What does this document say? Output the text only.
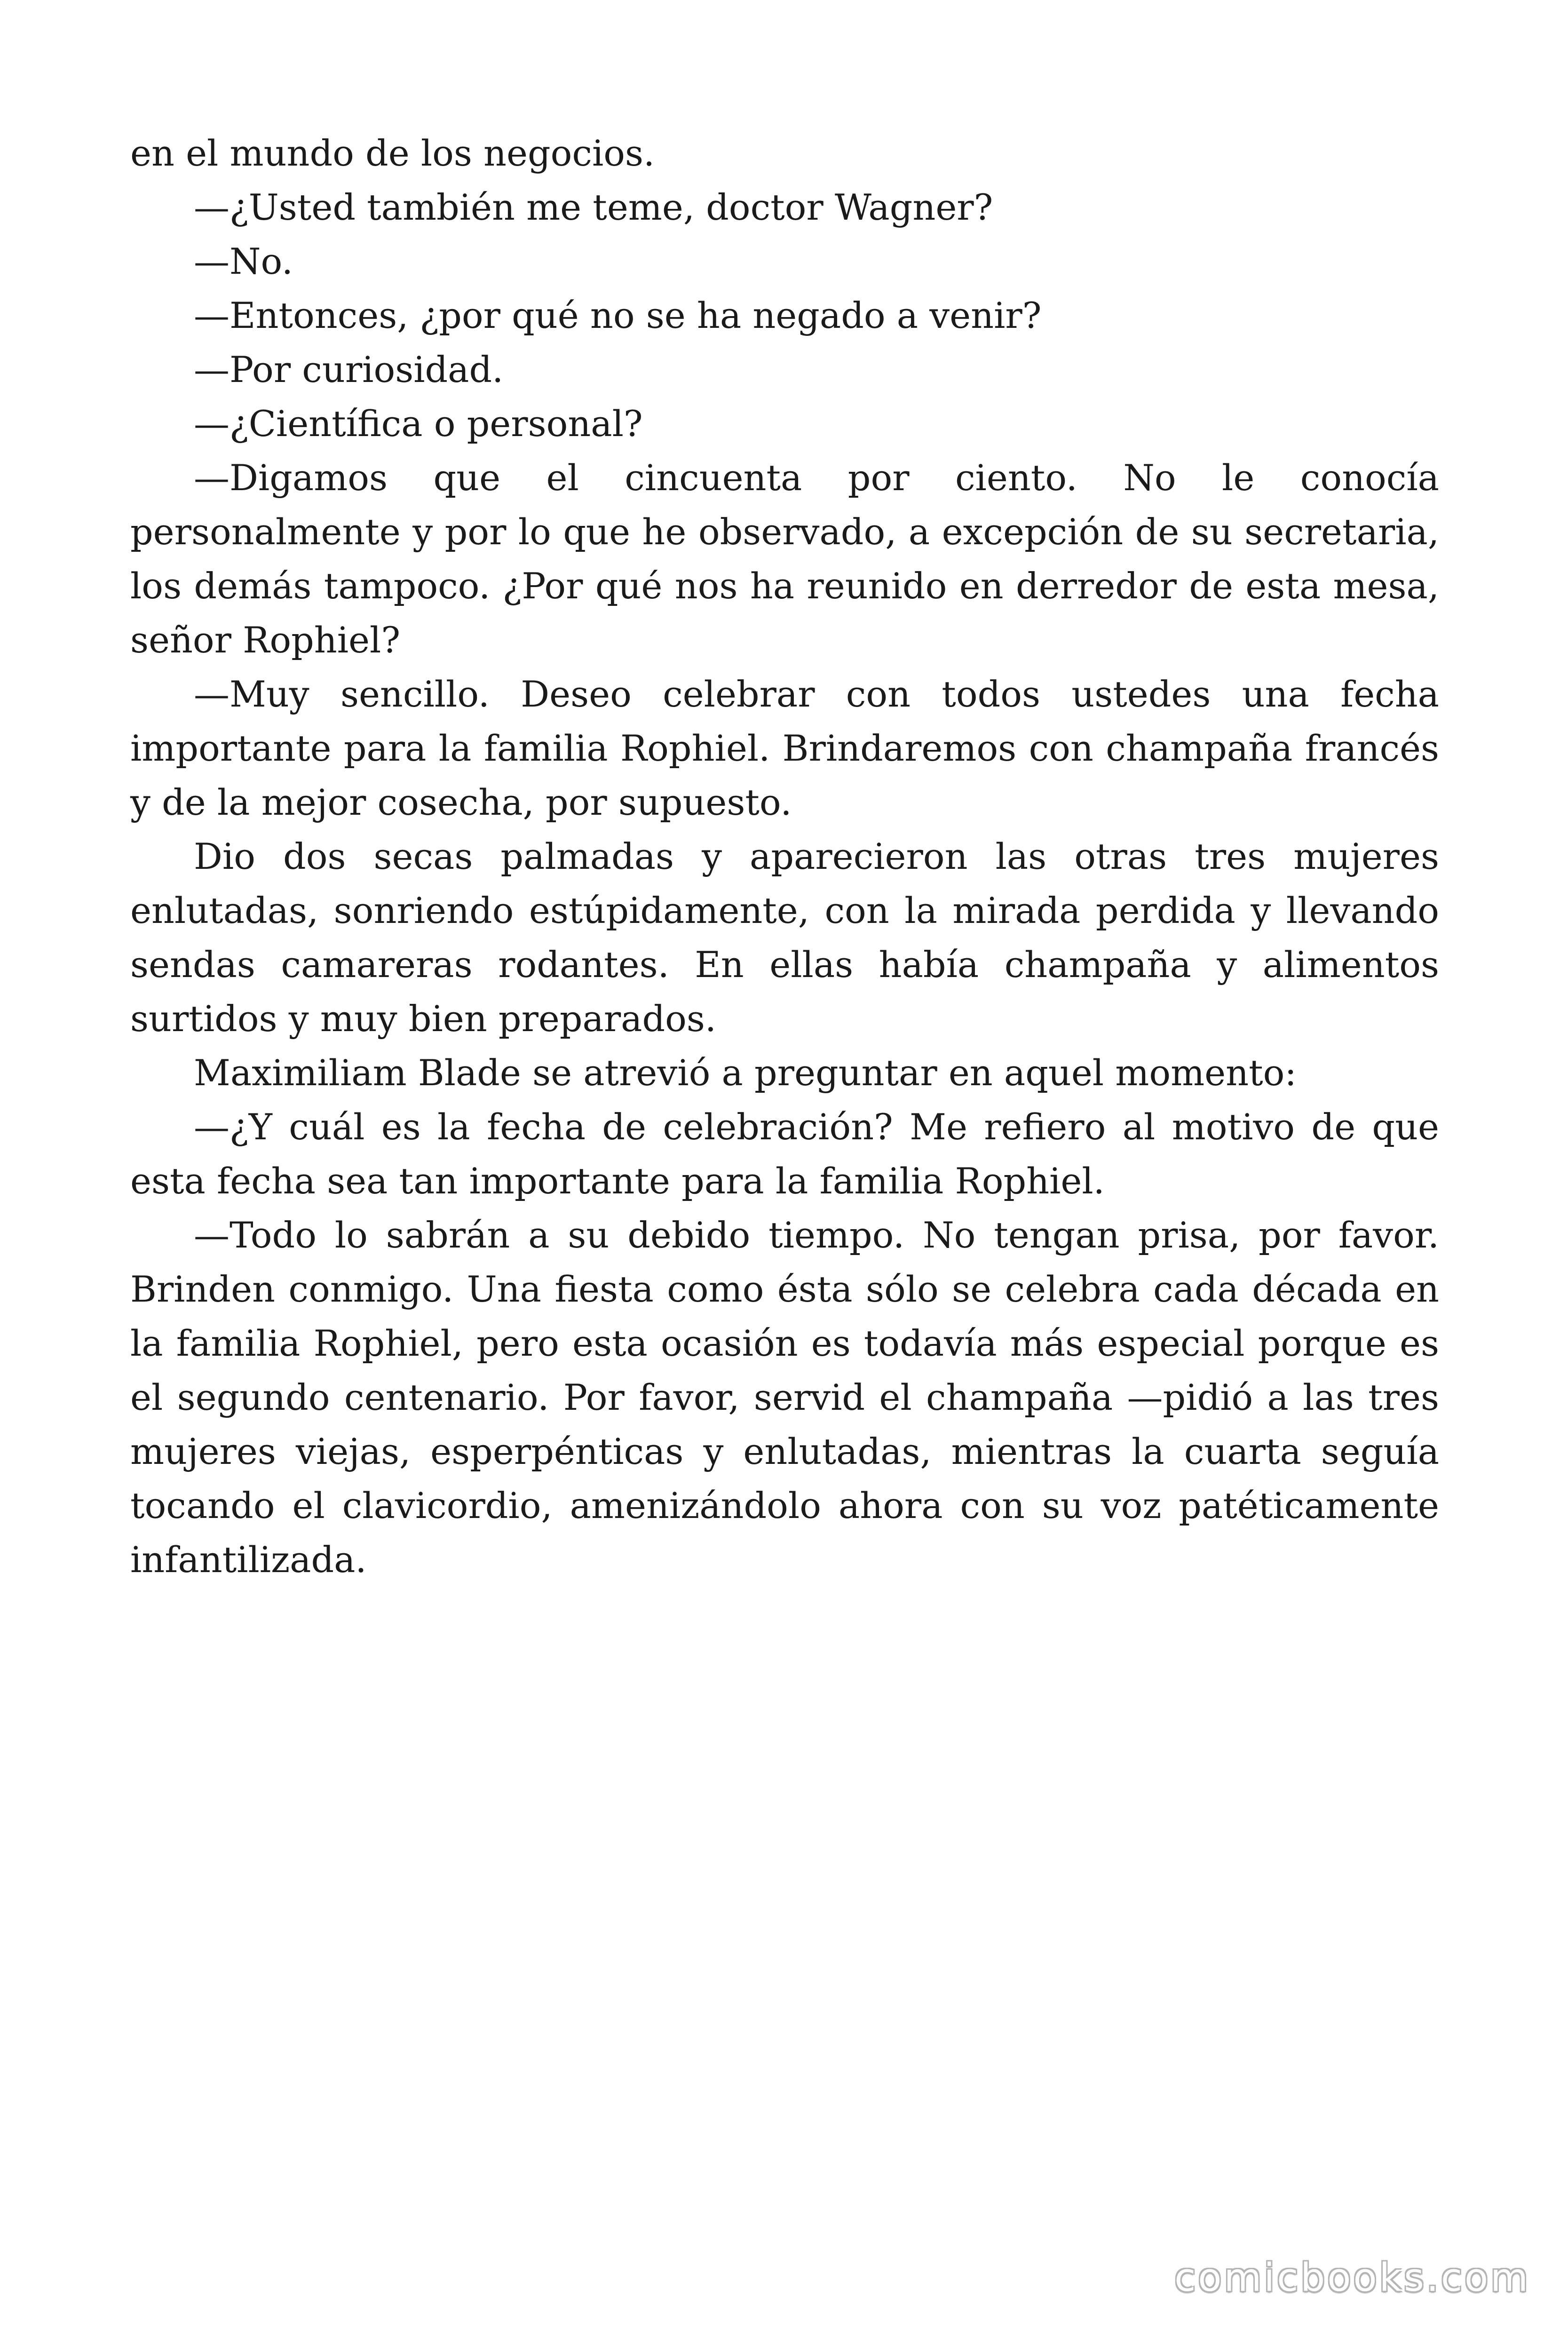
en el mundo de los negocios.

—¿Usted también me teme, doctor Wagner?

—No.

—Entonces, ¿por qué no se ha negado a venir?

—Por curiosidad.

—¿Científica o personal?

—Digamos que el cincuenta por ciento. No le conocía personalmente y por lo que he observado, a excepción de su secretaria, los demás tampoco. ¿Por qué nos ha reunido en derredor de esta mesa, señor Rophiel?

—Muy sencillo. Deseo celebrar con todos ustedes una fecha importante para la familia Rophiel. Brindaremos con champaña francés y de la mejor cosecha, por supuesto.

Dio dos secas palmadas y aparecieron las otras tres mujeres enlutadas, sonriendo estúpidamente, con la mirada perdida y llevando sendas camareras rodantes. En ellas había champaña y alimentos surtidos y muy bien preparados.

Maximiliam Blade se atrevió a preguntar en aquel momento:

—¿Y cuál es la fecha de celebración? Me refiero al motivo de que esta fecha sea tan importante para la familia Rophiel.

—Todo lo sabrán a su debido tiempo. No tengan prisa, por favor. Brinden conmigo. Una fiesta como ésta sólo se celebra cada década en la familia Rophiel, pero esta ocasión es todavía más especial porque es el segundo centenario. Por favor, servid el champaña —pidió a las tres mujeres viejas, esperpénticas y enlutadas, mientras la cuarta seguía tocando el clavicordio, amenizándolo ahora con su voz patéticamente infantilizada.

comicbooks.com
